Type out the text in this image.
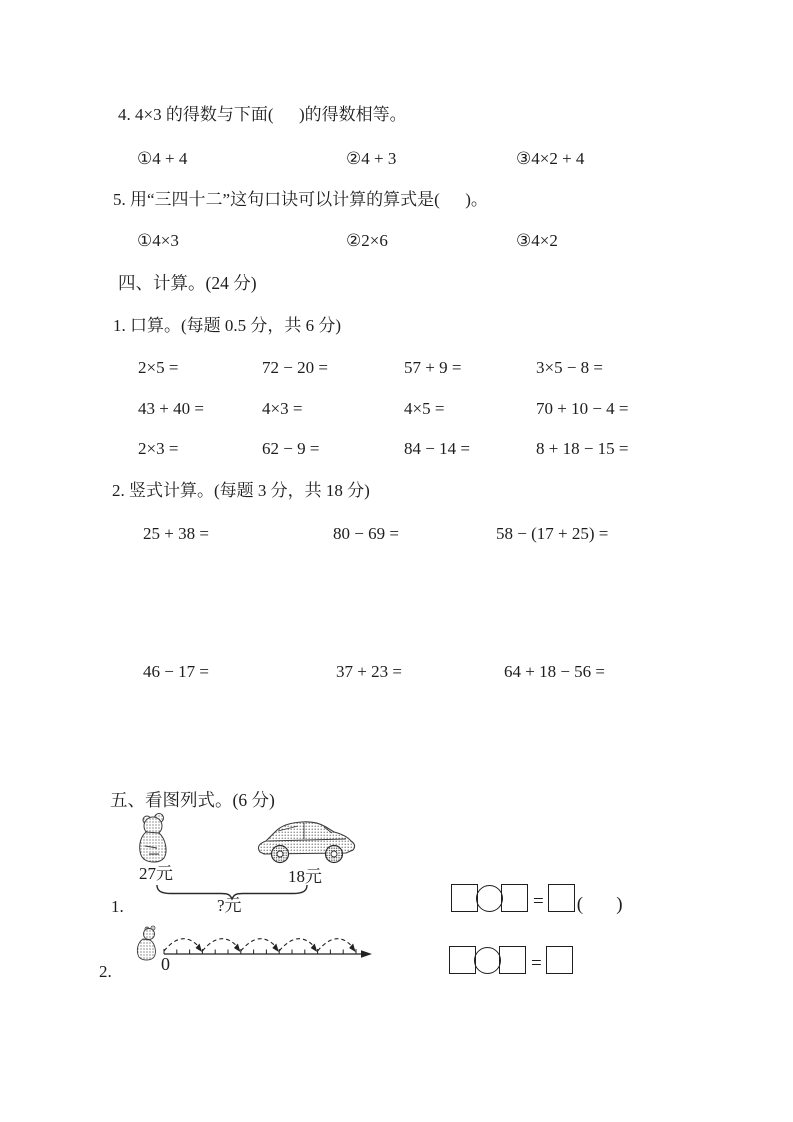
4. 4×3 的得数与下面(      )的得数相等。
①4 + 4	②4 + 3	③4×2 + 4
5. 用“三四十二”这句口诀可以计算的算式是(      )。
①4×3	②2×6	③4×2
四、计算。(24 分)
1. 口算。(每题 0.5 分，共 6 分)
2×5 =	72 − 20 =	57 + 9 =	3×5 − 8 =
43 + 40 =	4×3 =	4×5 =	70 + 10 − 4 =
2×3 =	62 − 9 =	84 − 14 =	8 + 18 − 15 =
2. 竖式计算。(每题 3 分，共 18 分)
25 + 38 =	80 − 69 =	58 − (17 + 25) =
46 − 17 =	37 + 23 =	64 + 18 − 56 =
五、看图列式。(6 分)
27元	18元
1.	?元	= (       )
0
2.	=
